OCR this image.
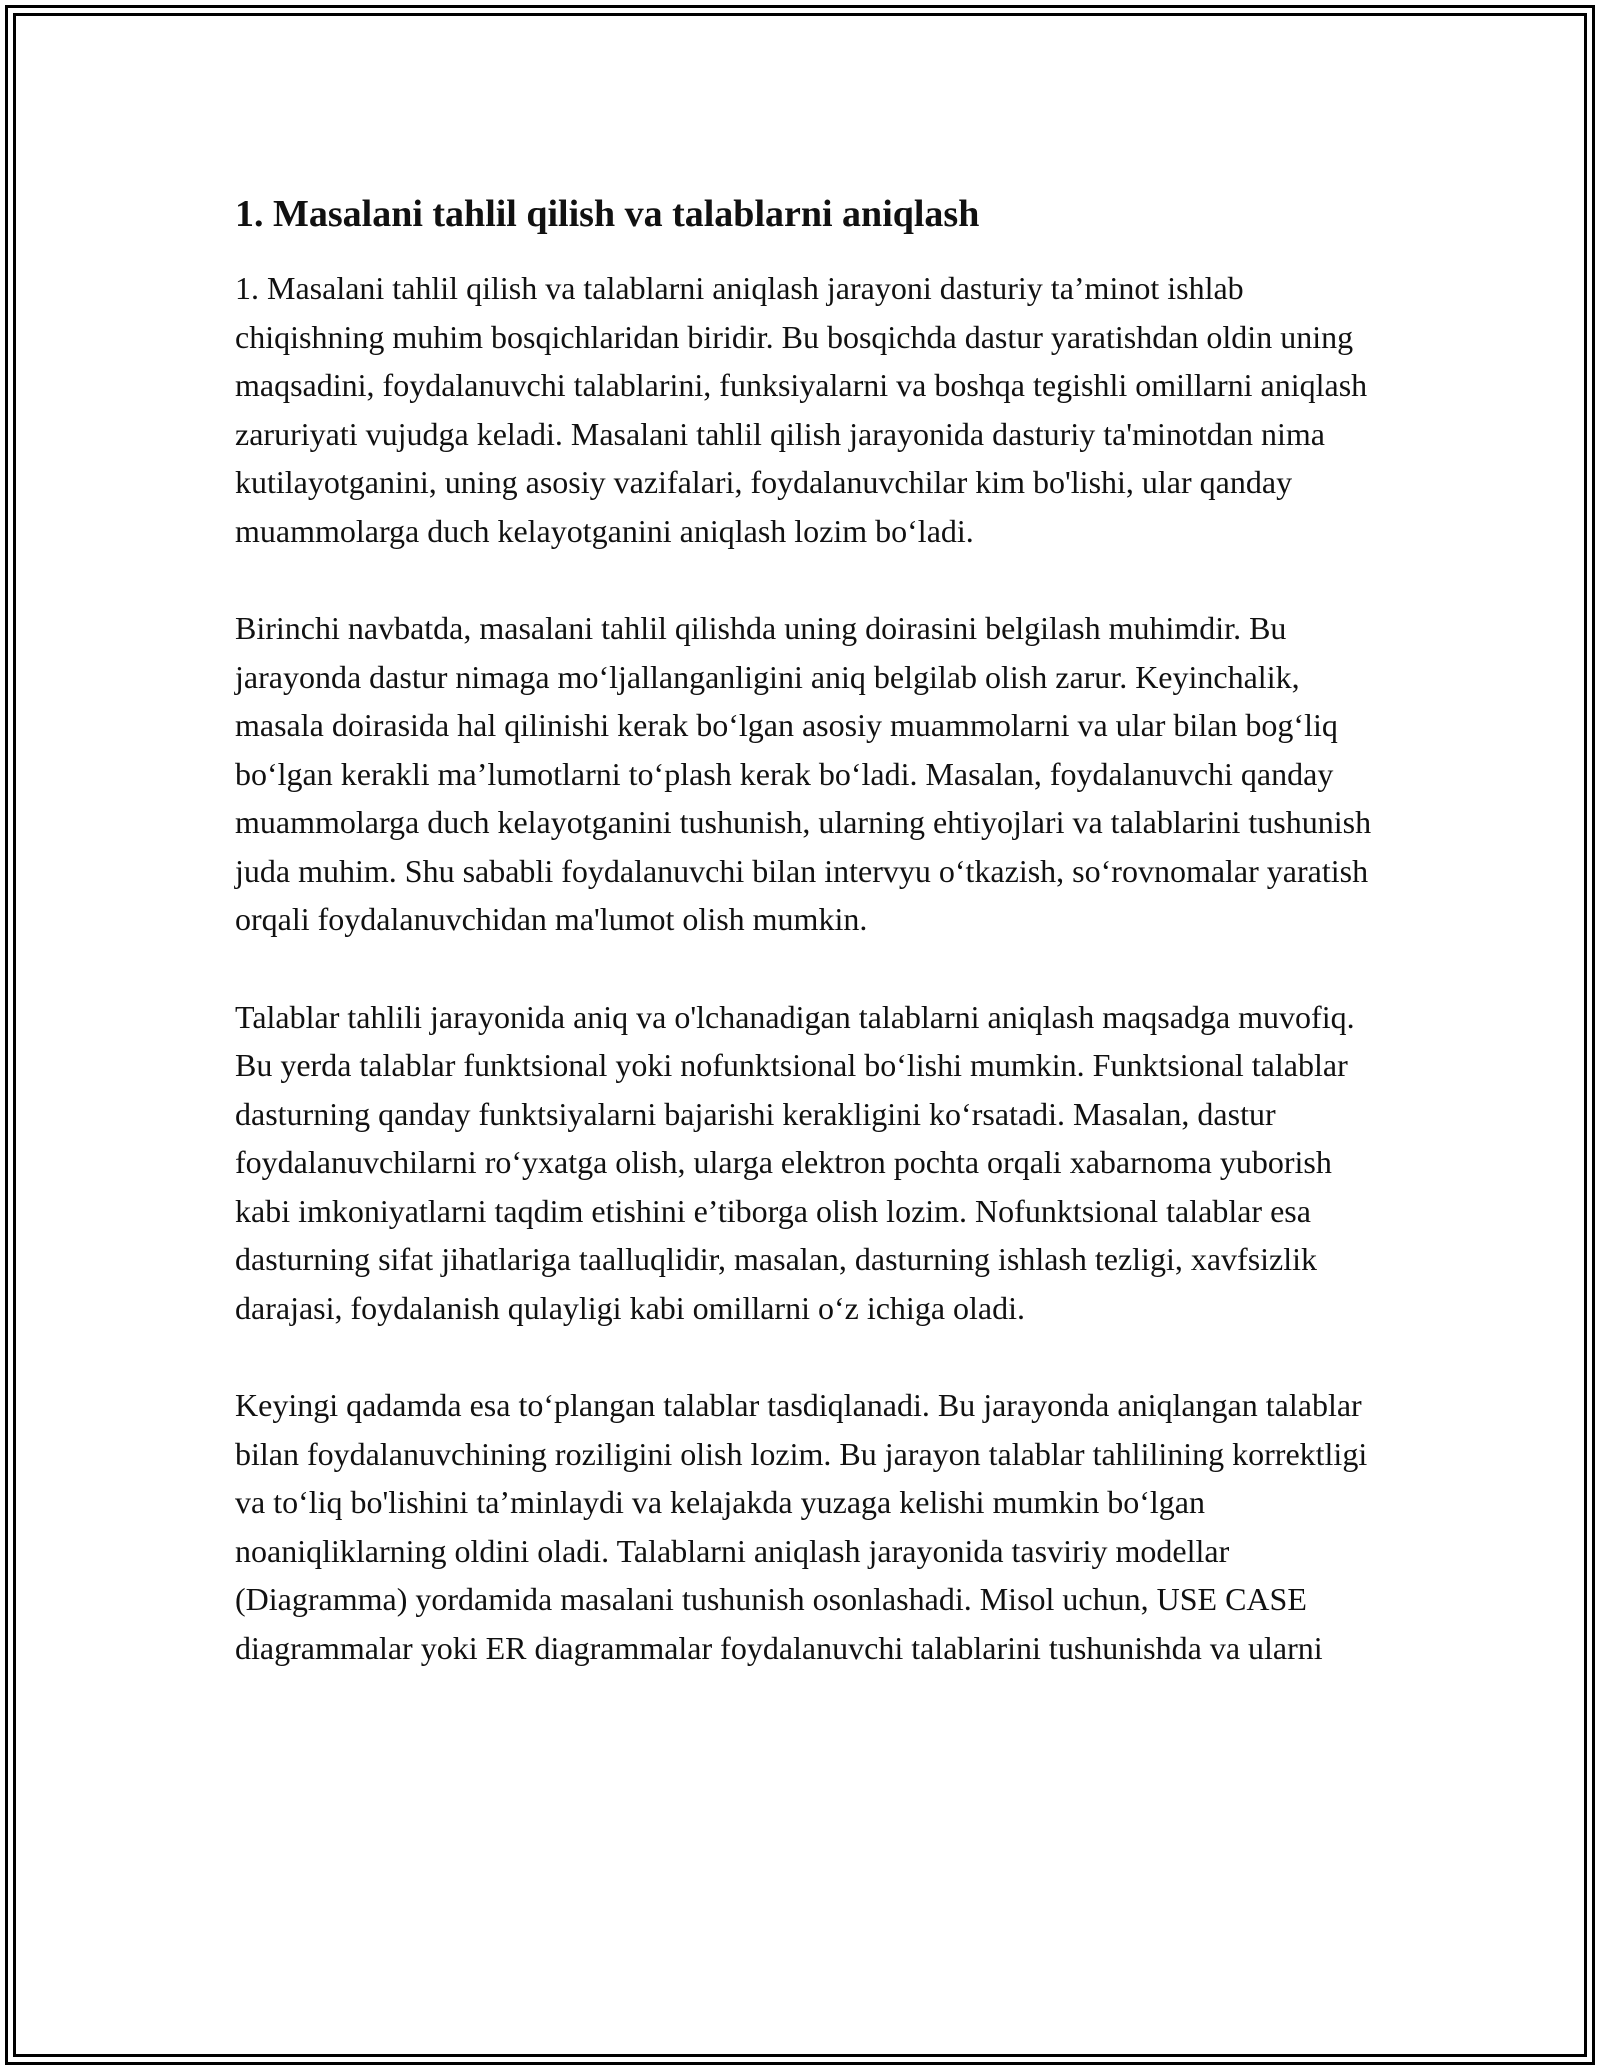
1. Masalani tahlil qilish va talablarni aniqlash

1. Masalani tahlil qilish va talablarni aniqlash jarayoni dasturiy ta’minot ishlab chiqishning muhim bosqichlaridan biridir. Bu bosqichda dastur yaratishdan oldin uning maqsadini, foydalanuvchi talablarini, funksiyalarni va boshqa tegishli omillarni aniqlash zaruriyati vujudga keladi. Masalani tahlil qilish jarayonida dasturiy ta'minotdan nima kutilayotganini, uning asosiy vazifalari, foydalanuvchilar kim bo'lishi, ular qanday muammolarga duch kelayotganini aniqlash lozim bo‘ladi.

Birinchi navbatda, masalani tahlil qilishda uning doirasini belgilash muhimdir. Bu jarayonda dastur nimaga mo‘ljallanganligini aniq belgilab olish zarur. Keyinchalik, masala doirasida hal qilinishi kerak bo‘lgan asosiy muammolarni va ular bilan bog‘liq bo‘lgan kerakli ma’lumotlarni to‘plash kerak bo‘ladi. Masalan, foydalanuvchi qanday muammolarga duch kelayotganini tushunish, ularning ehtiyojlari va talablarini tushunish juda muhim. Shu sababli foydalanuvchi bilan intervyu o‘tkazish, so‘rovnomalar yaratish orqali foydalanuvchidan ma'lumot olish mumkin.

Talablar tahlili jarayonida aniq va o'lchanadigan talablarni aniqlash maqsadga muvofiq. Bu yerda talablar funktsional yoki nofunktsional bo‘lishi mumkin. Funktsional talablar dasturning qanday funktsiyalarni bajarishi kerakligini ko‘rsatadi. Masalan, dastur foydalanuvchilarni ro‘yxatga olish, ularga elektron pochta orqali xabarnoma yuborish kabi imkoniyatlarni taqdim etishini e’tiborga olish lozim. Nofunktsional talablar esa dasturning sifat jihatlariga taalluqlidir, masalan, dasturning ishlash tezligi, xavfsizlik darajasi, foydalanish qulayligi kabi omillarni o‘z ichiga oladi.

Keyingi qadamda esa to‘plangan talablar tasdiqlanadi. Bu jarayonda aniqlangan talablar bilan foydalanuvchining roziligini olish lozim. Bu jarayon talablar tahlilining korrektligi va to‘liq bo'lishini ta’minlaydi va kelajakda yuzaga kelishi mumkin bo‘lgan noaniqliklarning oldini oladi. Talablarni aniqlash jarayonida tasviriy modellar (Diagramma) yordamida masalani tushunish osonlashadi. Misol uchun, USE CASE diagrammalar yoki ER diagrammalar foydalanuvchi talablarini tushunishda va ularni
